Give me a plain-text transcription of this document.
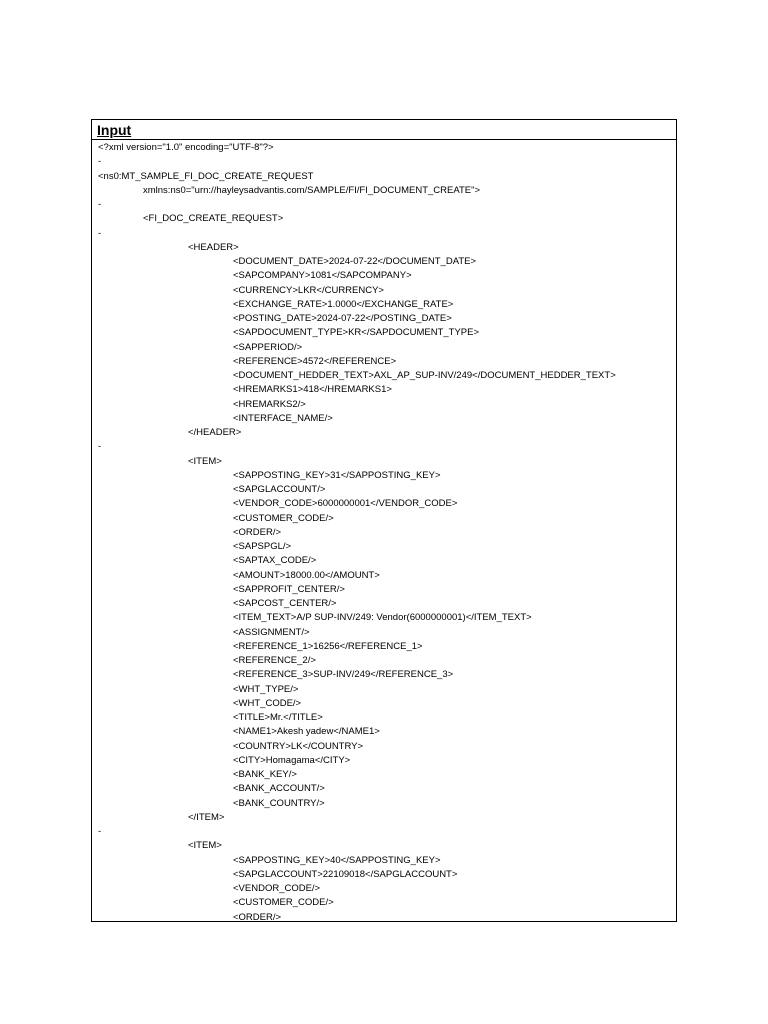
Input
<?xml version="1.0" encoding="UTF-8"?>
-
<ns0:MT_SAMPLE_FI_DOC_CREATE_REQUEST
xmlns:ns0="urn://hayleysadvantis.com/SAMPLE/FI/FI_DOCUMENT_CREATE">
-
<FI_DOC_CREATE_REQUEST>
-
<HEADER>
<DOCUMENT_DATE>2024-07-22</DOCUMENT_DATE>
<SAPCOMPANY>1081</SAPCOMPANY>
<CURRENCY>LKR</CURRENCY>
<EXCHANGE_RATE>1.0000</EXCHANGE_RATE>
<POSTING_DATE>2024-07-22</POSTING_DATE>
<SAPDOCUMENT_TYPE>KR</SAPDOCUMENT_TYPE>
<SAPPERIOD/>
<REFERENCE>4572</REFERENCE>
<DOCUMENT_HEDDER_TEXT>AXL_AP_SUP-INV/249</DOCUMENT_HEDDER_TEXT>
<HREMARKS1>418</HREMARKS1>
<HREMARKS2/>
<INTERFACE_NAME/>
</HEADER>
-
<ITEM>
<SAPPOSTING_KEY>31</SAPPOSTING_KEY>
<SAPGLACCOUNT/>
<VENDOR_CODE>6000000001</VENDOR_CODE>
<CUSTOMER_CODE/>
<ORDER/>
<SAPSPGL/>
<SAPTAX_CODE/>
<AMOUNT>18000.00</AMOUNT>
<SAPPROFIT_CENTER/>
<SAPCOST_CENTER/>
<ITEM_TEXT>A/P SUP-INV/249: Vendor(6000000001)</ITEM_TEXT>
<ASSIGNMENT/>
<REFERENCE_1>16256</REFERENCE_1>
<REFERENCE_2/>
<REFERENCE_3>SUP-INV/249</REFERENCE_3>
<WHT_TYPE/>
<WHT_CODE/>
<TITLE>Mr.</TITLE>
<NAME1>Akesh yadew</NAME1>
<COUNTRY>LK</COUNTRY>
<CITY>Homagama</CITY>
<BANK_KEY/>
<BANK_ACCOUNT/>
<BANK_COUNTRY/>
</ITEM>
-
<ITEM>
<SAPPOSTING_KEY>40</SAPPOSTING_KEY>
<SAPGLACCOUNT>22109018</SAPGLACCOUNT>
<VENDOR_CODE/>
<CUSTOMER_CODE/>
<ORDER/>
